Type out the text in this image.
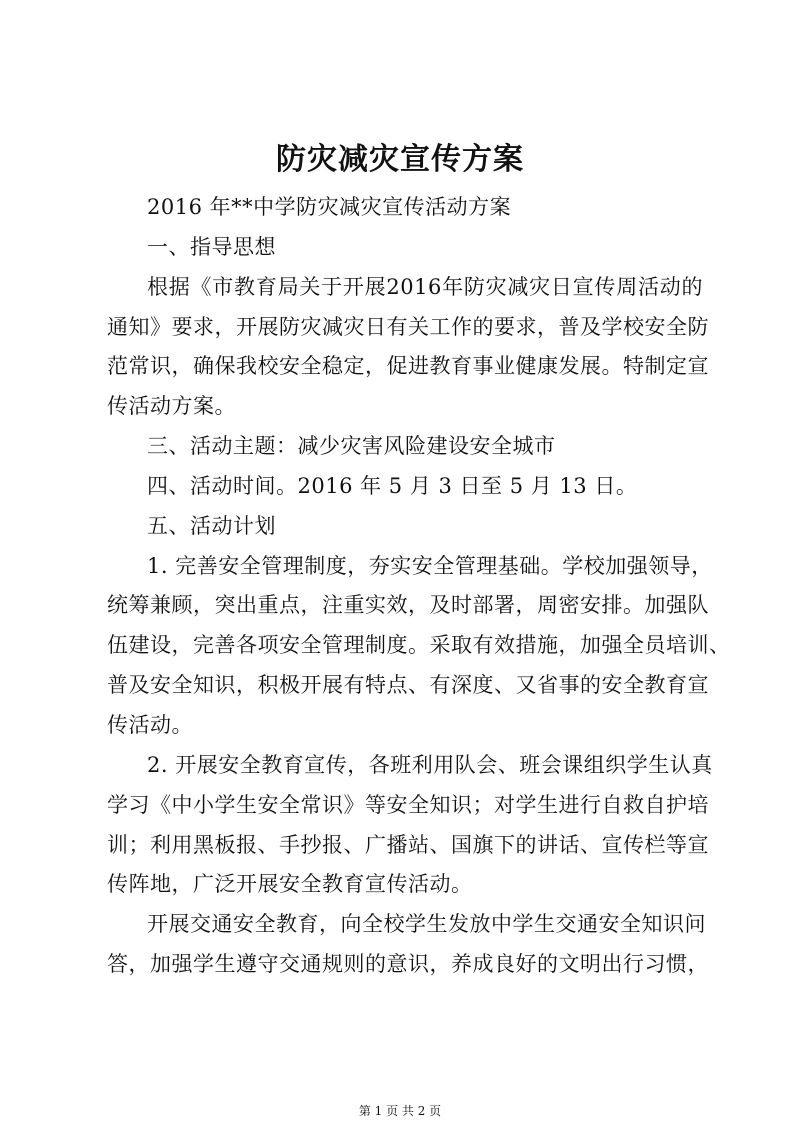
防灾减灾宣传方案
2016 年**中学防灾减灾宣传活动方案
一、指导思想
根据《市教育局关于开展2016年防灾减灾日宣传周活动的
通知》要求，开展防灾减灾日有关工作的要求，普及学校安全防
范常识，确保我校安全稳定，促进教育事业健康发展。特制定宣
传活动方案。
三、活动主题：减少灾害风险建设安全城市
四、活动时间。2016 年 5 月 3 日至 5 月 13 日。
五、活动计划
1. 完善安全管理制度，夯实安全管理基础。学校加强领导，
统筹兼顾，突出重点，注重实效，及时部署，周密安排。加强队
伍建设，完善各项安全管理制度。采取有效措施，加强全员培训、
普及安全知识，积极开展有特点、有深度、又省事的安全教育宣
传活动。
2. 开展安全教育宣传，各班利用队会、班会课组织学生认真
学习《中小学生安全常识》等安全知识；对学生进行自救自护培
训；利用黑板报、手抄报、广播站、国旗下的讲话、宣传栏等宣
传阵地，广泛开展安全教育宣传活动。
开展交通安全教育，向全校学生发放中学生交通安全知识问
答，加强学生遵守交通规则的意识，养成良好的文明出行习惯，
第 1 页 共 2 页
